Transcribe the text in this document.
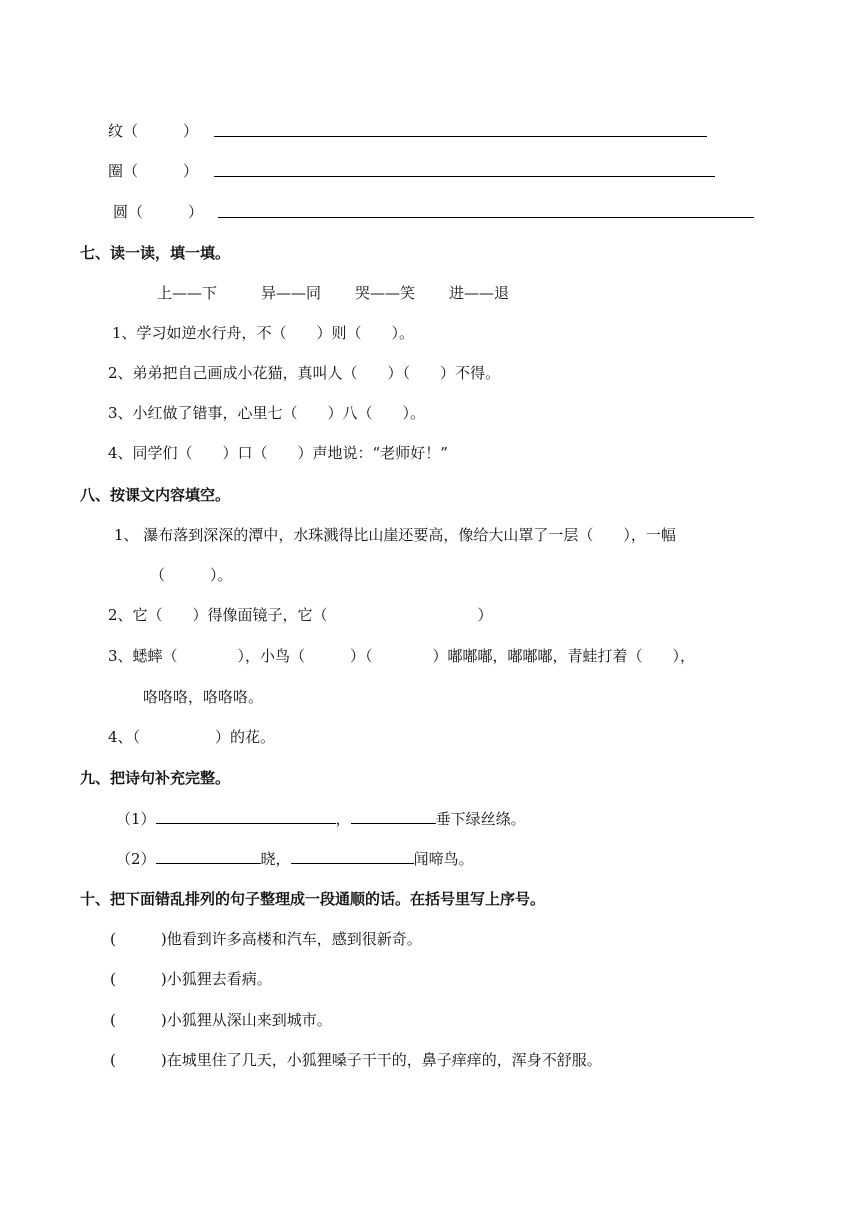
纹（　　　）
圈（　　　）
圆（　　　）
七、读一读，填一填。
上——下	异——同 哭——笑 进——退
1、学习如逆水行舟，不（　　）则（　　）。
2、弟弟把自己画成小花猫，真叫人（　　）（　　）不得。
3、小红做了错事，心里七（　　）八（　　）。
4、同学们（　　）口（　　）声地说：“老师好！”
八、按课文内容填空。
1、 瀑布落到深深的潭中，水珠溅得比山崖还要高，像给大山罩了一层（　　），一幅
（　　　）。
2、它（　　）得像面镜子，它（　　　　　　　　　　）
3、蟋蟀（　　　　），小鸟（　　　）（　　　　）嘟嘟嘟，嘟嘟嘟，青蛙打着（　　），
咯咯咯，咯咯咯。
4、（　　　　　）的花。
九、把诗句补充完整。
（1）	，	垂下绿丝绦。
（2）	晓，	闻啼鸟。
十、把下面错乱排列的句子整理成一段通顺的话。在括号里写上序号。
(　　　)他看到许多高楼和汽车，感到很新奇。
(　　　)小狐狸去看病。
(　　　)小狐狸从深山来到城市。
(　　　)在城里住了几天，小狐狸嗓子干干的，鼻子痒痒的，浑身不舒服。
